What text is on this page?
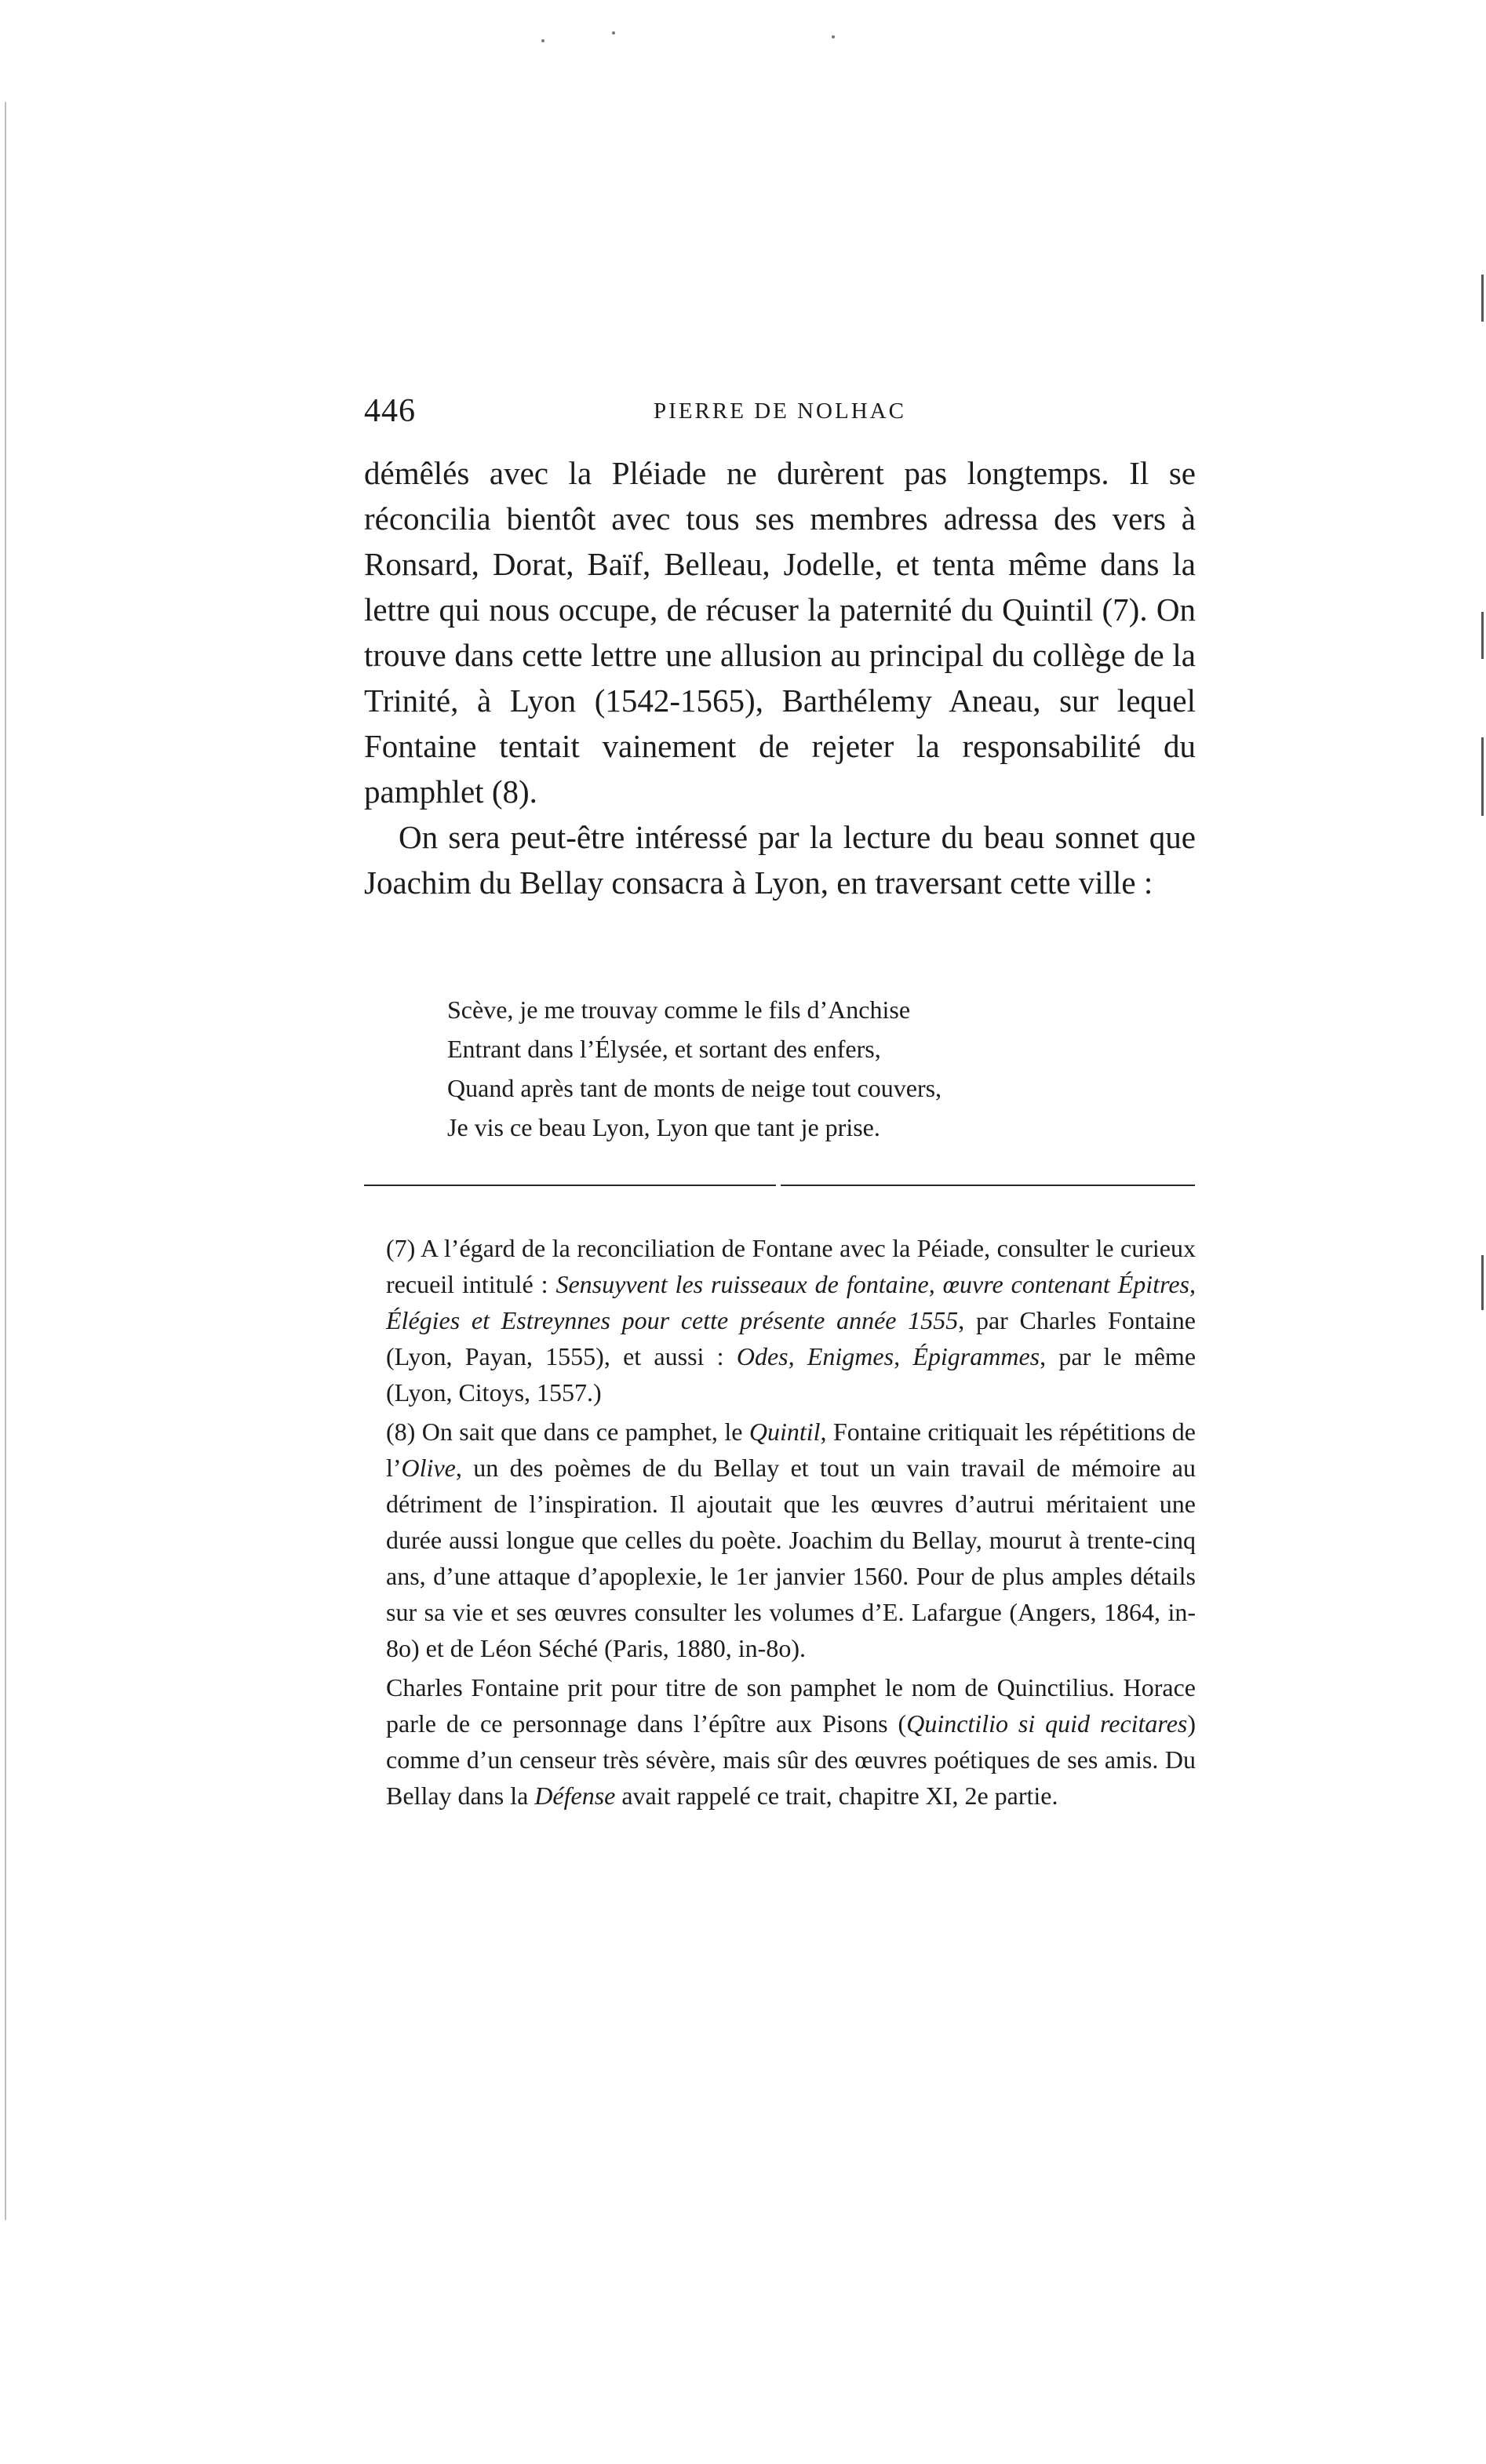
446	PIERRE DE NOLHAC

démêlés avec la Pléiade ne durèrent pas longtemps. Il se réconcilia bientôt avec tous ses membres adressa des vers à Ronsard, Dorat, Baïf, Belleau, Jodelle, et tenta même dans la lettre qui nous occupe, de récuser la paternité du Quintil (7). On trouve dans cette lettre une allusion au principal du collège de la Trinité, à Lyon (1542-1565), Barthélemy Aneau, sur lequel Fontaine tentait vainement de rejeter la responsabilité du pamphlet (8).

On sera peut-être intéressé par la lecture du beau sonnet que Joachim du Bellay consacra à Lyon, en traversant cette ville :

Scève, je me trouvay comme le fils d’Anchise
Entrant dans l’Élysée, et sortant des enfers,
Quand après tant de monts de neige tout couvers,
Je vis ce beau Lyon, Lyon que tant je prise.

(7) A l’égard de la reconciliation de Fontane avec la Péiade, consulter le curieux recueil intitulé : Sensuyvent les ruisseaux de fontaine, œuvre contenant Épitres, Élégies et Estreynnes pour cette présente année 1555, par Charles Fontaine (Lyon, Payan, 1555), et aussi : Odes, Enigmes, Épigrammes, par le même (Lyon, Citoys, 1557.)

(8) On sait que dans ce pamphet, le Quintil, Fontaine critiquait les répétitions de l’Olive, un des poèmes de du Bellay et tout un vain travail de mémoire au détriment de l’inspiration. Il ajoutait que les œuvres d’autrui méritaient une durée aussi longue que celles du poète. Joachim du Bellay, mourut à trente-cinq ans, d’une attaque d’apoplexie, le 1er janvier 1560. Pour de plus amples détails sur sa vie et ses œuvres consulter les volumes d’E. Lafargue (Angers, 1864, in-8o) et de Léon Séché (Paris, 1880, in-8o).

Charles Fontaine prit pour titre de son pamphet le nom de Quinctilius. Horace parle de ce personnage dans l’épître aux Pisons (Quinctilio si quid recitares) comme d’un censeur très sévère, mais sûr des œuvres poétiques de ses amis. Du Bellay dans la Défense avait rappelé ce trait, chapitre XI, 2e partie.
